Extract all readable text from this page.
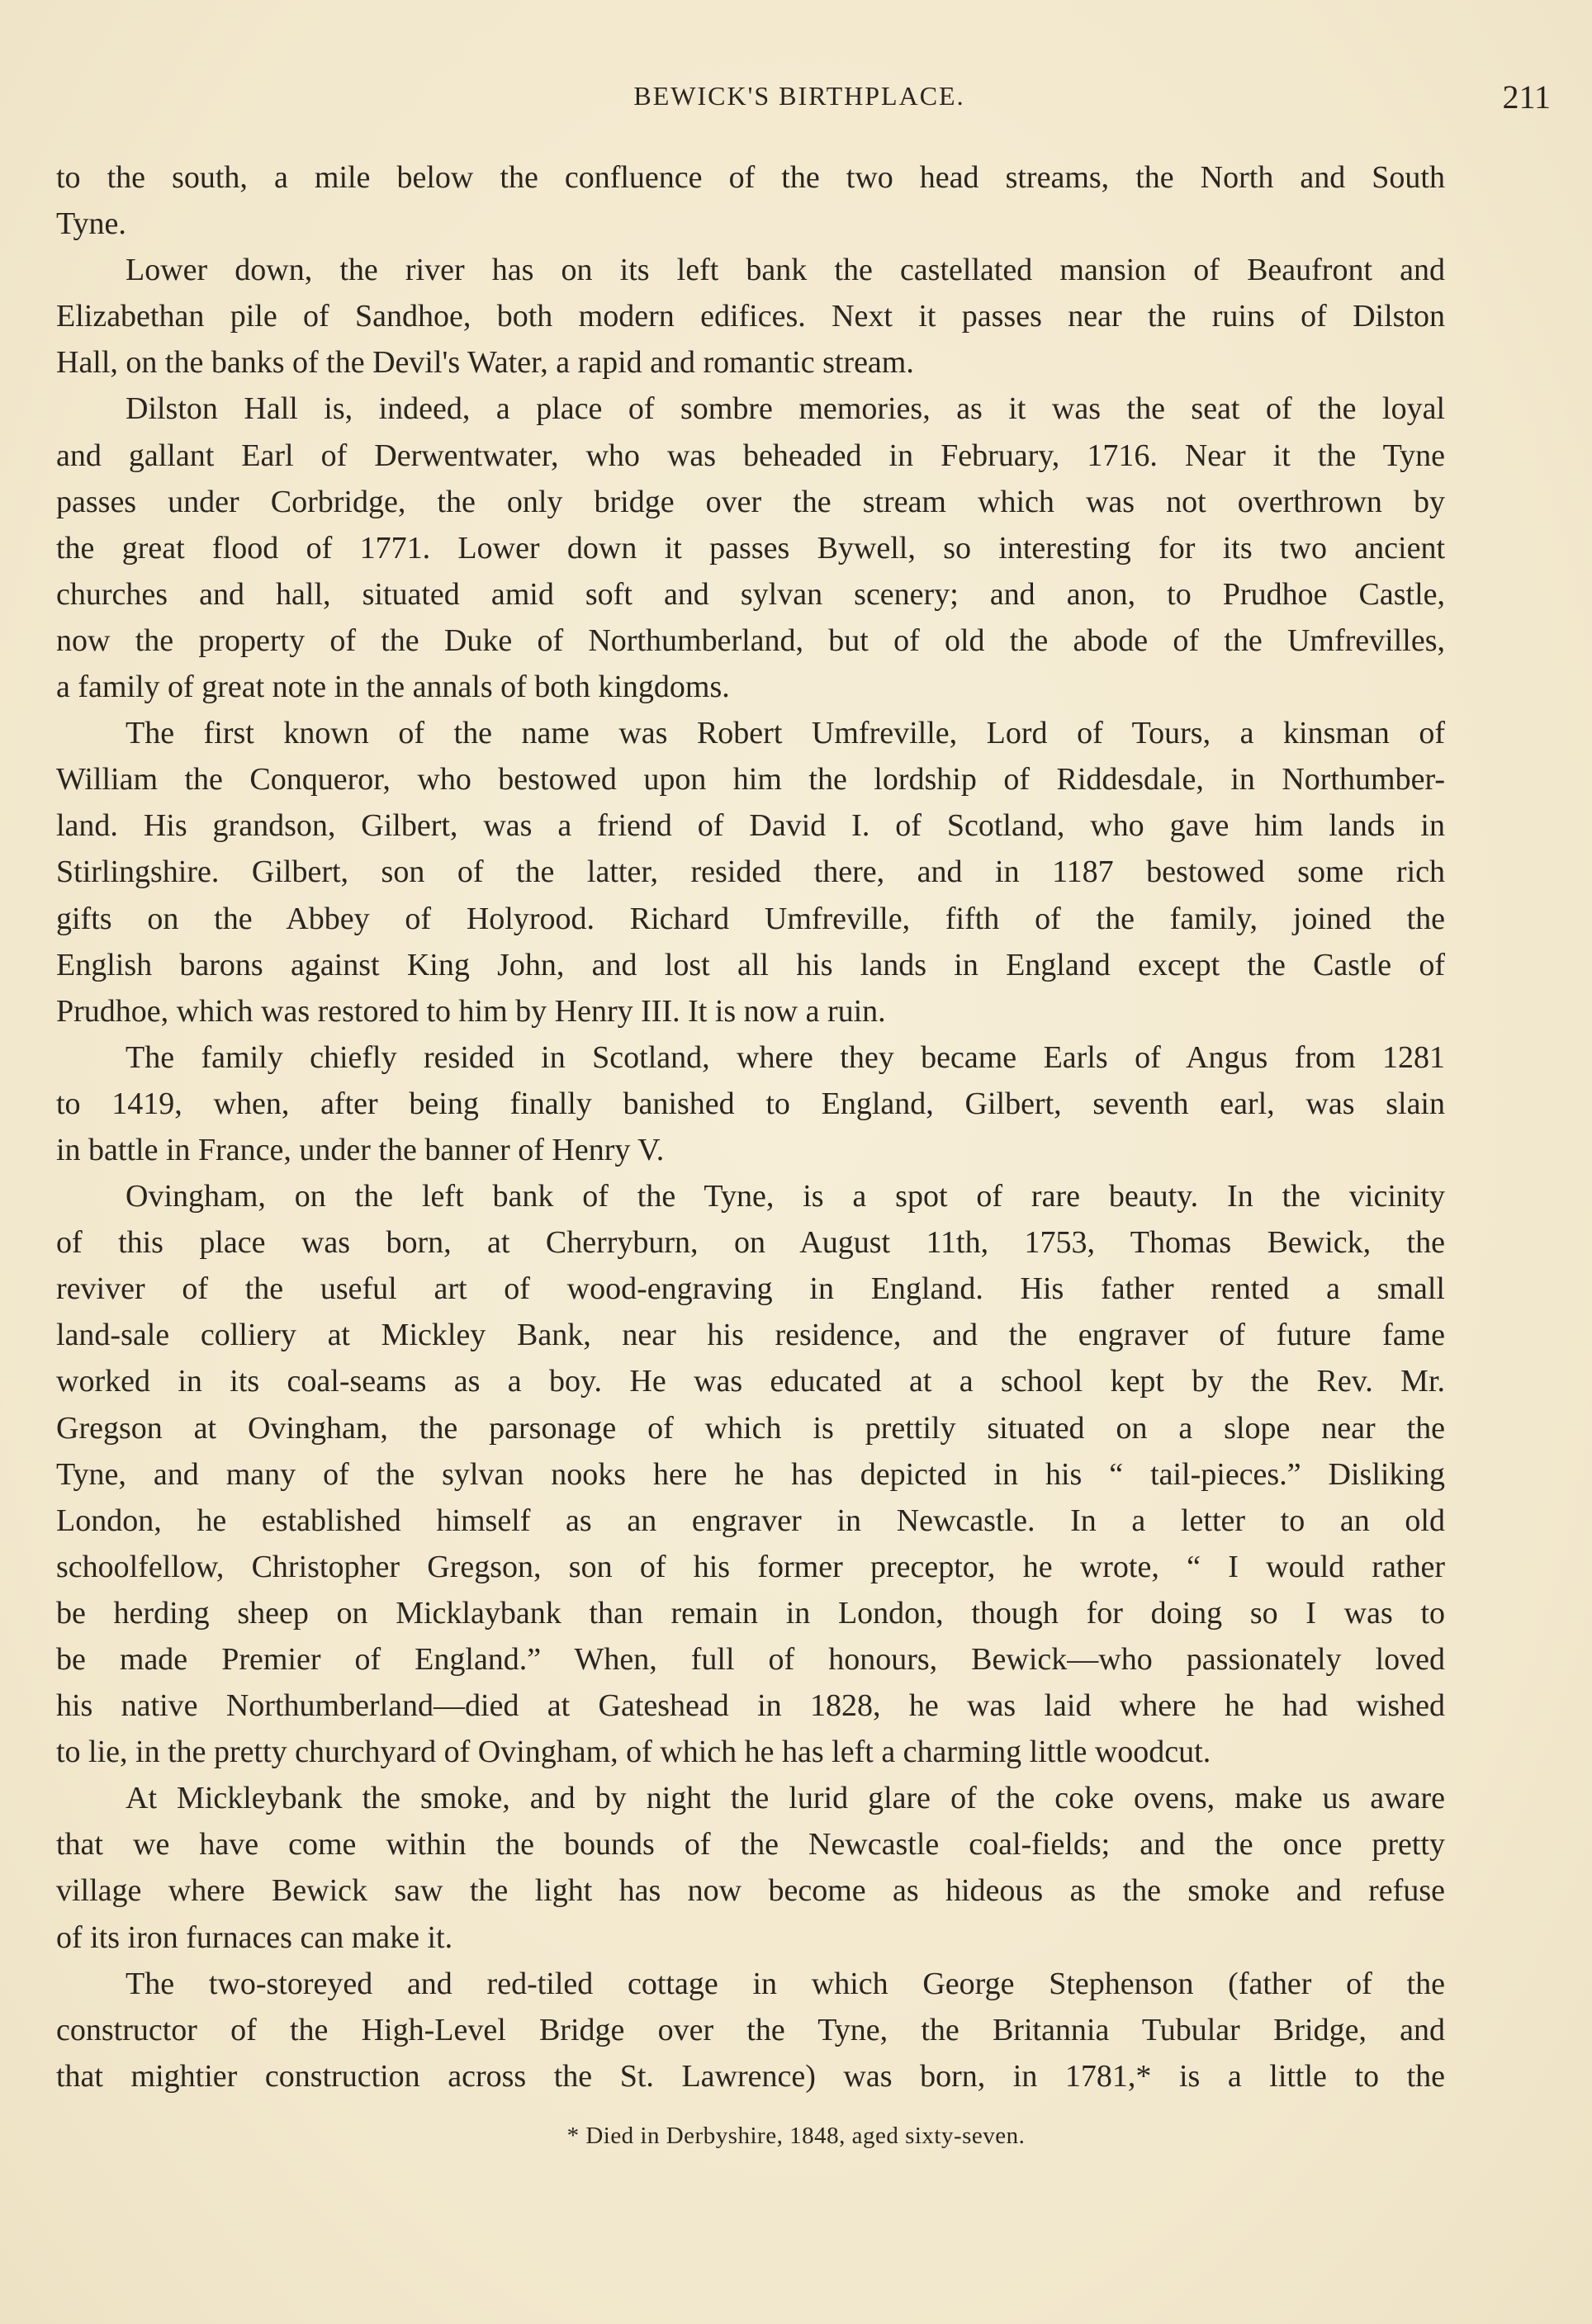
BEWICK'S BIRTHPLACE.	211
to the south, a mile below the confluence of the two head streams, the North and South
Tyne.
Lower down, the river has on its left bank the castellated mansion of Beaufront and
Elizabethan pile of Sandhoe, both modern edifices. Next it passes near the ruins of Dilston
Hall, on the banks of the Devil's Water, a rapid and romantic stream.
Dilston Hall is, indeed, a place of sombre memories, as it was the seat of the loyal
and gallant Earl of Derwentwater, who was beheaded in February, 1716. Near it the Tyne
passes under Corbridge, the only bridge over the stream which was not overthrown by
the great flood of 1771. Lower down it passes Bywell, so interesting for its two ancient
churches and hall, situated amid soft and sylvan scenery; and anon, to Prudhoe Castle,
now the property of the Duke of Northumberland, but of old the abode of the Umfrevilles,
a family of great note in the annals of both kingdoms.
The first known of the name was Robert Umfreville, Lord of Tours, a kinsman of
William the Conqueror, who bestowed upon him the lordship of Riddesdale, in Northumber-
land. His grandson, Gilbert, was a friend of David I. of Scotland, who gave him lands in
Stirlingshire. Gilbert, son of the latter, resided there, and in 1187 bestowed some rich
gifts on the Abbey of Holyrood. Richard Umfreville, fifth of the family, joined the
English barons against King John, and lost all his lands in England except the Castle of
Prudhoe, which was restored to him by Henry III. It is now a ruin.
The family chiefly resided in Scotland, where they became Earls of Angus from 1281
to 1419, when, after being finally banished to England, Gilbert, seventh earl, was slain
in battle in France, under the banner of Henry V.
Ovingham, on the left bank of the Tyne, is a spot of rare beauty. In the vicinity
of this place was born, at Cherryburn, on August 11th, 1753, Thomas Bewick, the
reviver of the useful art of wood-engraving in England. His father rented a small
land-sale colliery at Mickley Bank, near his residence, and the engraver of future fame
worked in its coal-seams as a boy. He was educated at a school kept by the Rev. Mr.
Gregson at Ovingham, the parsonage of which is prettily situated on a slope near the
Tyne, and many of the sylvan nooks here he has depicted in his “ tail-pieces.” Disliking
London, he established himself as an engraver in Newcastle. In a letter to an old
schoolfellow, Christopher Gregson, son of his former preceptor, he wrote, “ I would rather
be herding sheep on Micklaybank than remain in London, though for doing so I was to
be made Premier of England.” When, full of honours, Bewick—who passionately loved
his native Northumberland—died at Gateshead in 1828, he was laid where he had wished
to lie, in the pretty churchyard of Ovingham, of which he has left a charming little woodcut.
At Mickleybank the smoke, and by night the lurid glare of the coke ovens, make us aware
that we have come within the bounds of the Newcastle coal-fields; and the once pretty
village where Bewick saw the light has now become as hideous as the smoke and refuse
of its iron furnaces can make it.
The two-storeyed and red-tiled cottage in which George Stephenson (father of the
constructor of the High-Level Bridge over the Tyne, the Britannia Tubular Bridge, and
that mightier construction across the St. Lawrence) was born, in 1781,* is a little to the
* Died in Derbyshire, 1848, aged sixty-seven.
